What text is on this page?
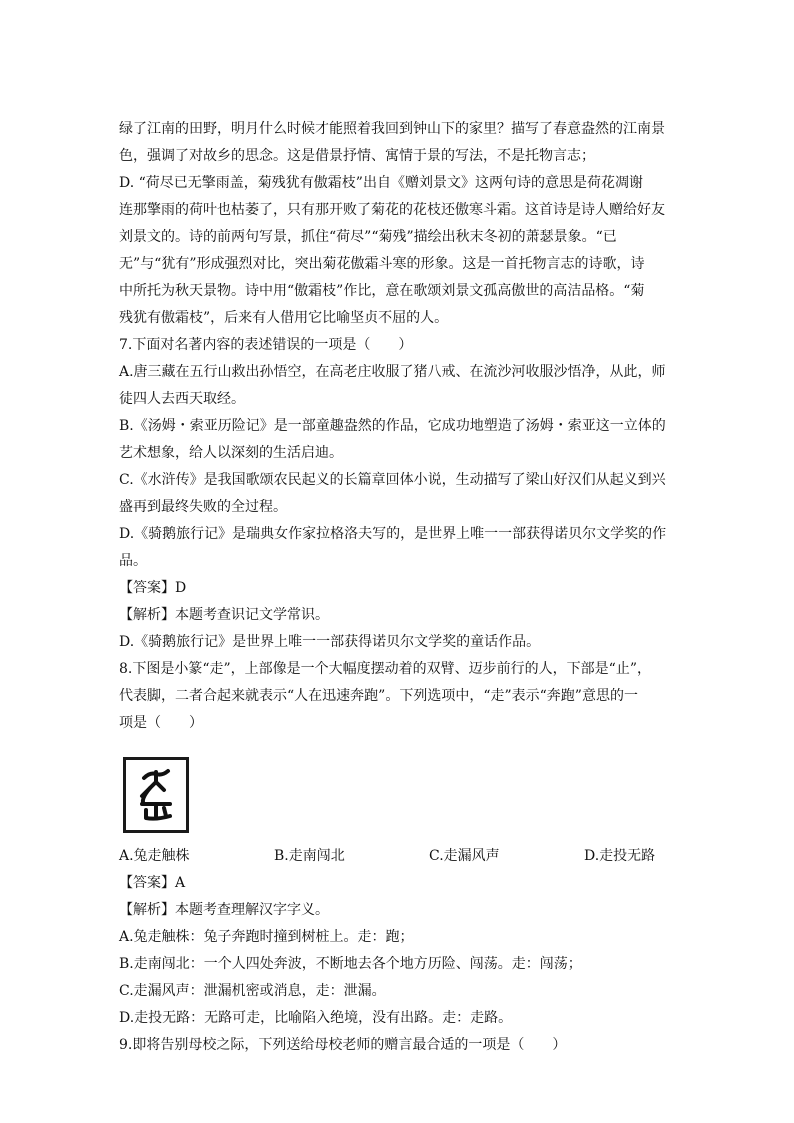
绿了江南的田野，明月什么时候才能照着我回到钟山下的家里？描写了春意盎然的江南景
色，强调了对故乡的思念。这是借景抒情、寓情于景的写法，不是托物言志；
D. “荷尽已无擎雨盖，菊残犹有傲霜枝”出自《赠刘景文》这两句诗的意思是荷花凋谢
连那擎雨的荷叶也枯萎了，只有那开败了菊花的花枝还傲寒斗霜。这首诗是诗人赠给好友
刘景文的。诗的前两句写景，抓住“荷尽”“菊残”描绘出秋末冬初的萧瑟景象。“已
无”与“犹有”形成强烈对比，突出菊花傲霜斗寒的形象。这是一首托物言志的诗歌，诗
中所托为秋天景物。诗中用“傲霜枝”作比，意在歌颂刘景文孤高傲世的高洁品格。“菊
残犹有傲霜枝”，后来有人借用它比喻坚贞不屈的人。
7.下面对名著内容的表述错误的一项是（　　）
A.唐三藏在五行山救出孙悟空，在高老庄收服了猪八戒、在流沙河收服沙悟净，从此，师
徒四人去西天取经。
B.《汤姆・索亚历险记》是一部童趣盎然的作品，它成功地塑造了汤姆・索亚这一立体的
艺术想象，给人以深刻的生活启迪。
C.《水浒传》是我国歌颂农民起义的长篇章回体小说，生动描写了梁山好汉们从起义到兴
盛再到最终失败的全过程。
D.《骑鹅旅行记》是瑞典女作家拉格洛夫写的，是世界上唯一一部获得诺贝尔文学奖的作
品。
【答案】D
【解析】本题考查识记文学常识。
D.《骑鹅旅行记》是世界上唯一一部获得诺贝尔文学奖的童话作品。
8.下图是小篆“走”，上部像是一个大幅度摆动着的双臂、迈步前行的人，下部是“止”，
代表脚，二者合起来就表示“人在迅速奔跑”。下列选项中，“走”表示“奔跑”意思的一
项是（　　）
A.兔走触株	B.走南闯北	C.走漏风声	D.走投无路
【答案】A
【解析】本题考查理解汉字字义。
A.兔走触株：兔子奔跑时撞到树桩上。走：跑；
B.走南闯北：一个人四处奔波，不断地去各个地方历险、闯荡。走：闯荡；
C.走漏风声：泄漏机密或消息，走：泄漏。
D.走投无路：无路可走，比喻陷入绝境，没有出路。走：走路。
9.即将告别母校之际，下列送给母校老师的赠言最合适的一项是（　　）
